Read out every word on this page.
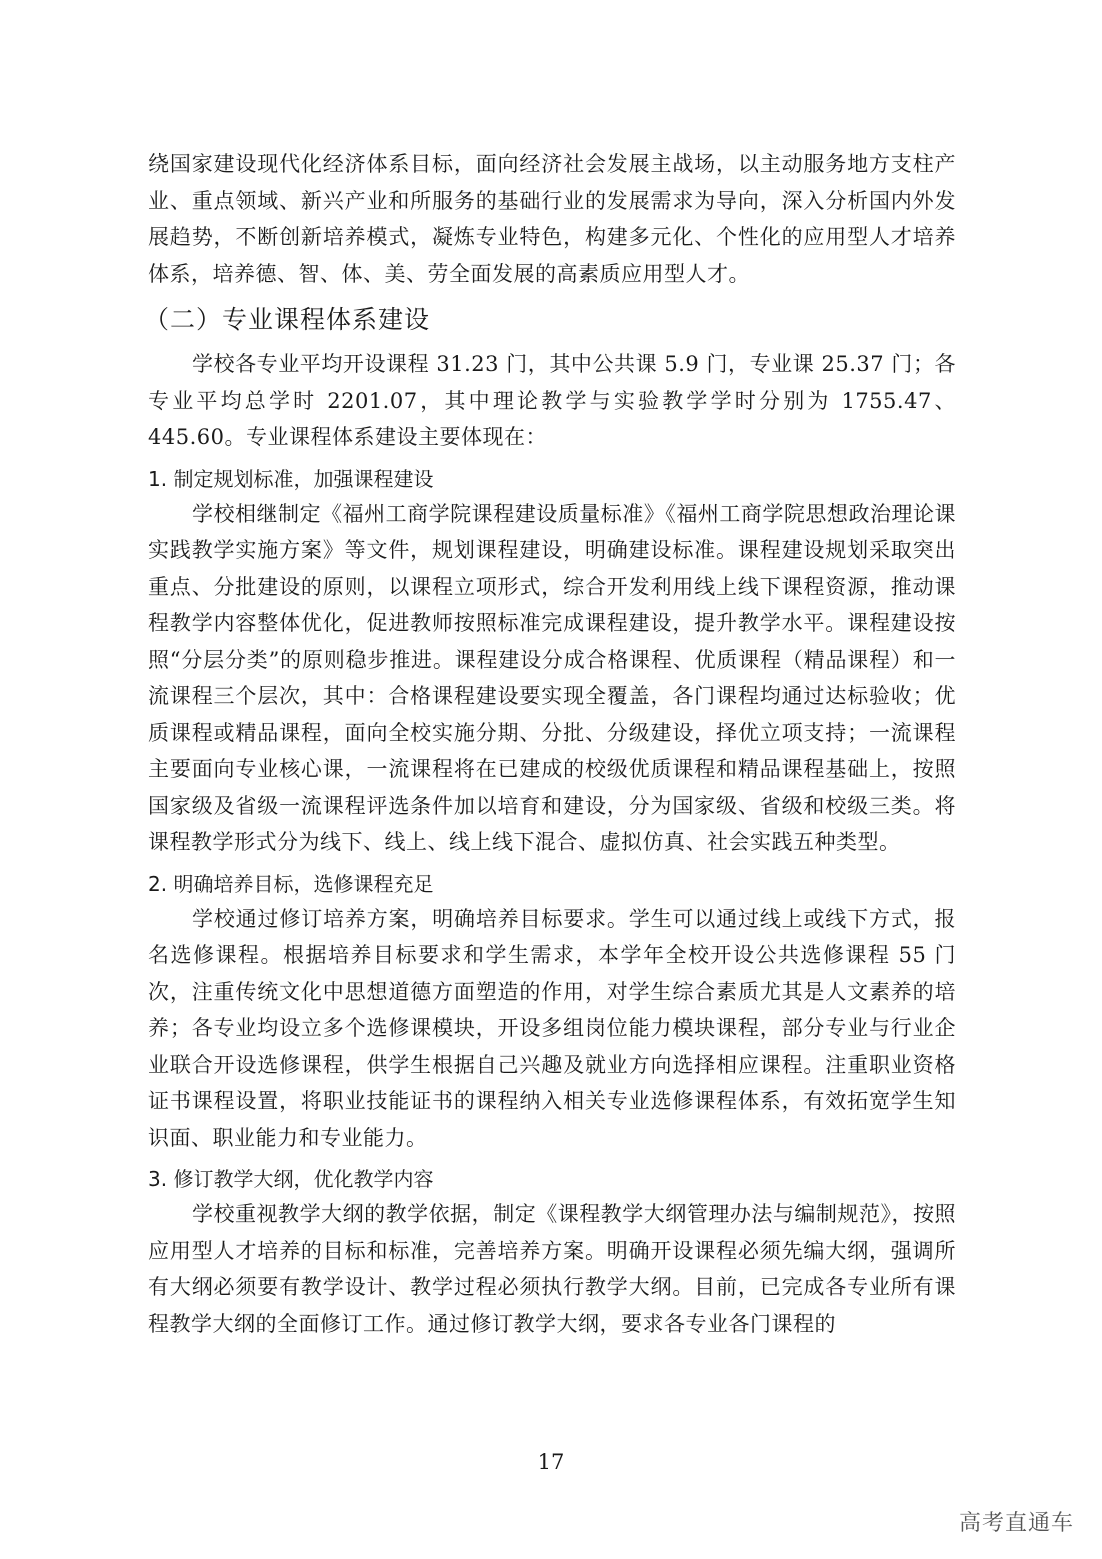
绕国家建设现代化经济体系目标，面向经济社会发展主战场，以主动服务地方支柱产业、重点领域、新兴产业和所服务的基础行业的发展需求为导向，深入分析国内外发展趋势，不断创新培养模式，凝炼专业特色，构建多元化、个性化的应用型人才培养体系，培养德、智、体、美、劳全面发展的高素质应用型人才。

（二）专业课程体系建设

学校各专业平均开设课程 31.23 门，其中公共课 5.9 门，专业课 25.37 门；各专业平均总学时 2201.07，其中理论教学与实验教学学时分别为 1755.47、445.60。专业课程体系建设主要体现在：

1. 制定规划标准，加强课程建设

学校相继制定《福州工商学院课程建设质量标准》《福州工商学院思想政治理论课实践教学实施方案》等文件，规划课程建设，明确建设标准。课程建设规划采取突出重点、分批建设的原则，以课程立项形式，综合开发利用线上线下课程资源，推动课程教学内容整体优化，促进教师按照标准完成课程建设，提升教学水平。课程建设按照“分层分类”的原则稳步推进。课程建设分成合格课程、优质课程（精品课程）和一流课程三个层次，其中：合格课程建设要实现全覆盖，各门课程均通过达标验收；优质课程或精品课程，面向全校实施分期、分批、分级建设，择优立项支持；一流课程主要面向专业核心课，一流课程将在已建成的校级优质课程和精品课程基础上，按照国家级及省级一流课程评选条件加以培育和建设，分为国家级、省级和校级三类。将课程教学形式分为线下、线上、线上线下混合、虚拟仿真、社会实践五种类型。

2. 明确培养目标，选修课程充足

学校通过修订培养方案，明确培养目标要求。学生可以通过线上或线下方式，报名选修课程。根据培养目标要求和学生需求，本学年全校开设公共选修课程 55 门次，注重传统文化中思想道德方面塑造的作用，对学生综合素质尤其是人文素养的培养；各专业均设立多个选修课模块，开设多组岗位能力模块课程，部分专业与行业企业联合开设选修课程，供学生根据自己兴趣及就业方向选择相应课程。注重职业资格证书课程设置，将职业技能证书的课程纳入相关专业选修课程体系，有效拓宽学生知识面、职业能力和专业能力。

3. 修订教学大纲，优化教学内容

学校重视教学大纲的教学依据，制定《课程教学大纲管理办法与编制规范》，按照应用型人才培养的目标和标准，完善培养方案。明确开设课程必须先编大纲，强调所有大纲必须要有教学设计、教学过程必须执行教学大纲。目前，已完成各专业所有课程教学大纲的全面修订工作。通过修订教学大纲，要求各专业各门课程的

17
高考直通车
